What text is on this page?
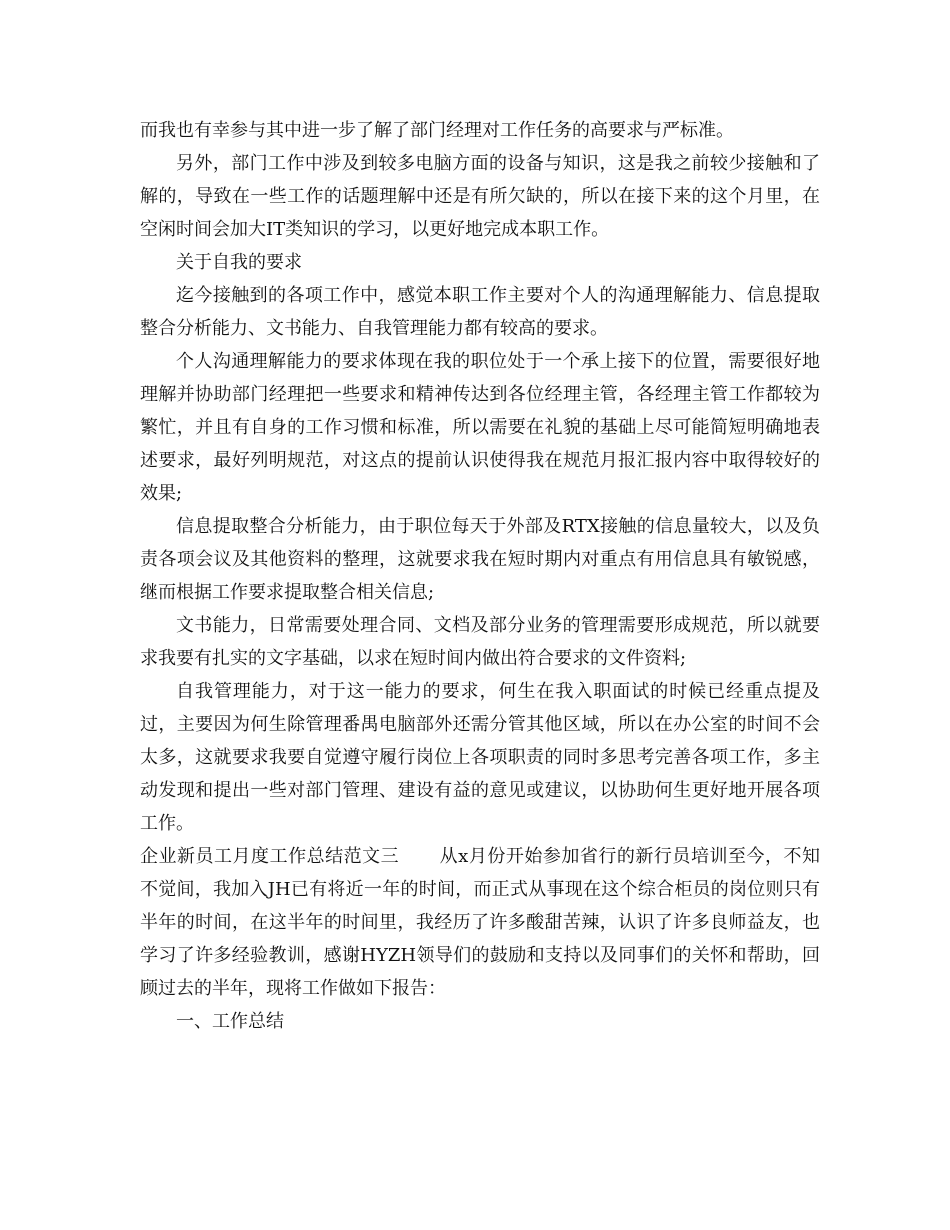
而我也有幸参与其中进一步了解了部门经理对工作任务的高要求与严标准。

另外，部门工作中涉及到较多电脑方面的设备与知识，这是我之前较少接触和了解的，导致在一些工作的话题理解中还是有所欠缺的，所以在接下来的这个月里，在空闲时间会加大IT类知识的学习，以更好地完成本职工作。

关于自我的要求

迄今接触到的各项工作中，感觉本职工作主要对个人的沟通理解能力、信息提取整合分析能力、文书能力、自我管理能力都有较高的要求。

个人沟通理解能力的要求体现在我的职位处于一个承上接下的位置，需要很好地理解并协助部门经理把一些要求和精神传达到各位经理主管，各经理主管工作都较为繁忙，并且有自身的工作习惯和标准，所以需要在礼貌的基础上尽可能简短明确地表述要求，最好列明规范，对这点的提前认识使得我在规范月报汇报内容中取得较好的效果;

信息提取整合分析能力，由于职位每天于外部及RTX接触的信息量较大，以及负责各项会议及其他资料的整理，这就要求我在短时期内对重点有用信息具有敏锐感，继而根据工作要求提取整合相关信息;

文书能力，日常需要处理合同、文档及部分业务的管理需要形成规范，所以就要求我要有扎实的文字基础，以求在短时间内做出符合要求的文件资料;

自我管理能力，对于这一能力的要求，何生在我入职面试的时候已经重点提及过，主要因为何生除管理番禺电脑部外还需分管其他区域，所以在办公室的时间不会太多，这就要求我要自觉遵守履行岗位上各项职责的同时多思考完善各项工作，多主动发现和提出一些对部门管理、建设有益的意见或建议，以协助何生更好地开展各项工作。

企业新员工月度工作总结范文三 从x月份开始参加省行的新行员培训至今，不知不觉间，我加入JH已有将近一年的时间，而正式从事现在这个综合柜员的岗位则只有半年的时间，在这半年的时间里，我经历了许多酸甜苦辣，认识了许多良师益友，也学习了许多经验教训，感谢HYZH领导们的鼓励和支持以及同事们的关怀和帮助，回顾过去的半年，现将工作做如下报告：

一、工作总结
